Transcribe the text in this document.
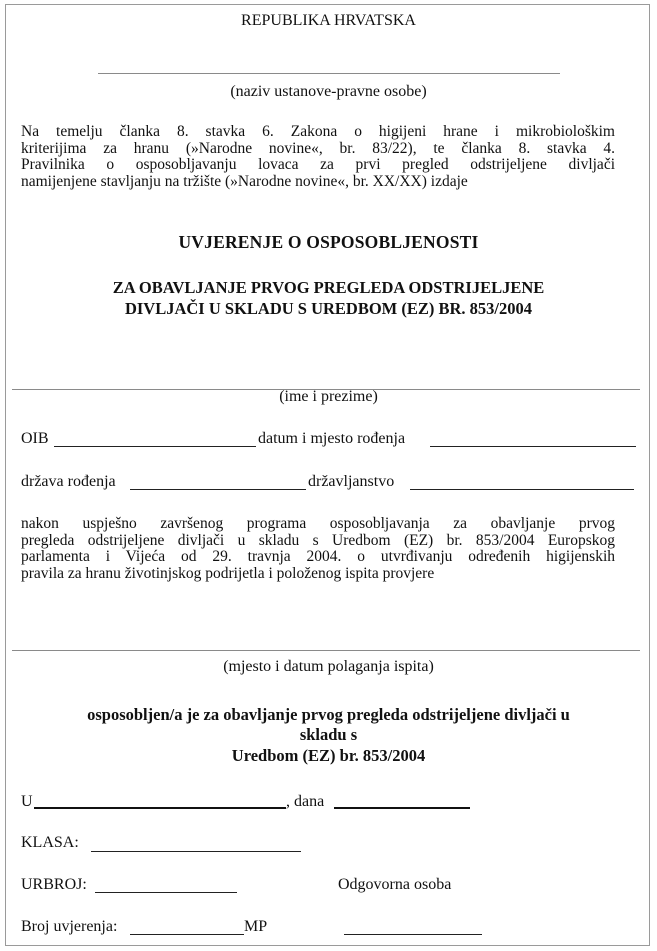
REPUBLIKA HRVATSKA
(naziv ustanove-pravne osobe)
Na temelju članka 8. stavka 6. Zakona o higijeni hrane i mikrobiološkim
kriterijima za hranu (»Narodne novine«, br. 83/22), te članka 8. stavka 4.
Pravilnika o osposobljavanju lovaca za prvi pregled odstrijeljene divljači
namijenjene stavljanju na tržište (»Narodne novine«, br. XX/XX) izdaje
UVJERENJE O OSPOSOBLJENOSTI
ZA OBAVLJANJE PRVOG PREGLEDA ODSTRIJELJENE
DIVLJAČI U SKLADU S UREDBOM (EZ) BR. 853/2004
(ime i prezime)
OIB	datum i mjesto rođenja
država rođenja	državljanstvo
nakon uspješno završenog programa osposobljavanja za obavljanje prvog
pregleda odstrijeljene divljači u skladu s Uredbom (EZ) br. 853/2004 Europskog
parlamenta i Vijeća od 29. travnja 2004. o utvrđivanju određenih higijenskih
pravila za hranu životinjskog podrijetla i položenog ispita provjere
(mjesto i datum polaganja ispita)
osposobljen/a je za obavljanje prvog pregleda odstrijeljene divljači u
skladu s
Uredbom (EZ) br. 853/2004
U	, dana
KLASA:
URBROJ:	Odgovorna osoba
Broj uvjerenja:	MP
